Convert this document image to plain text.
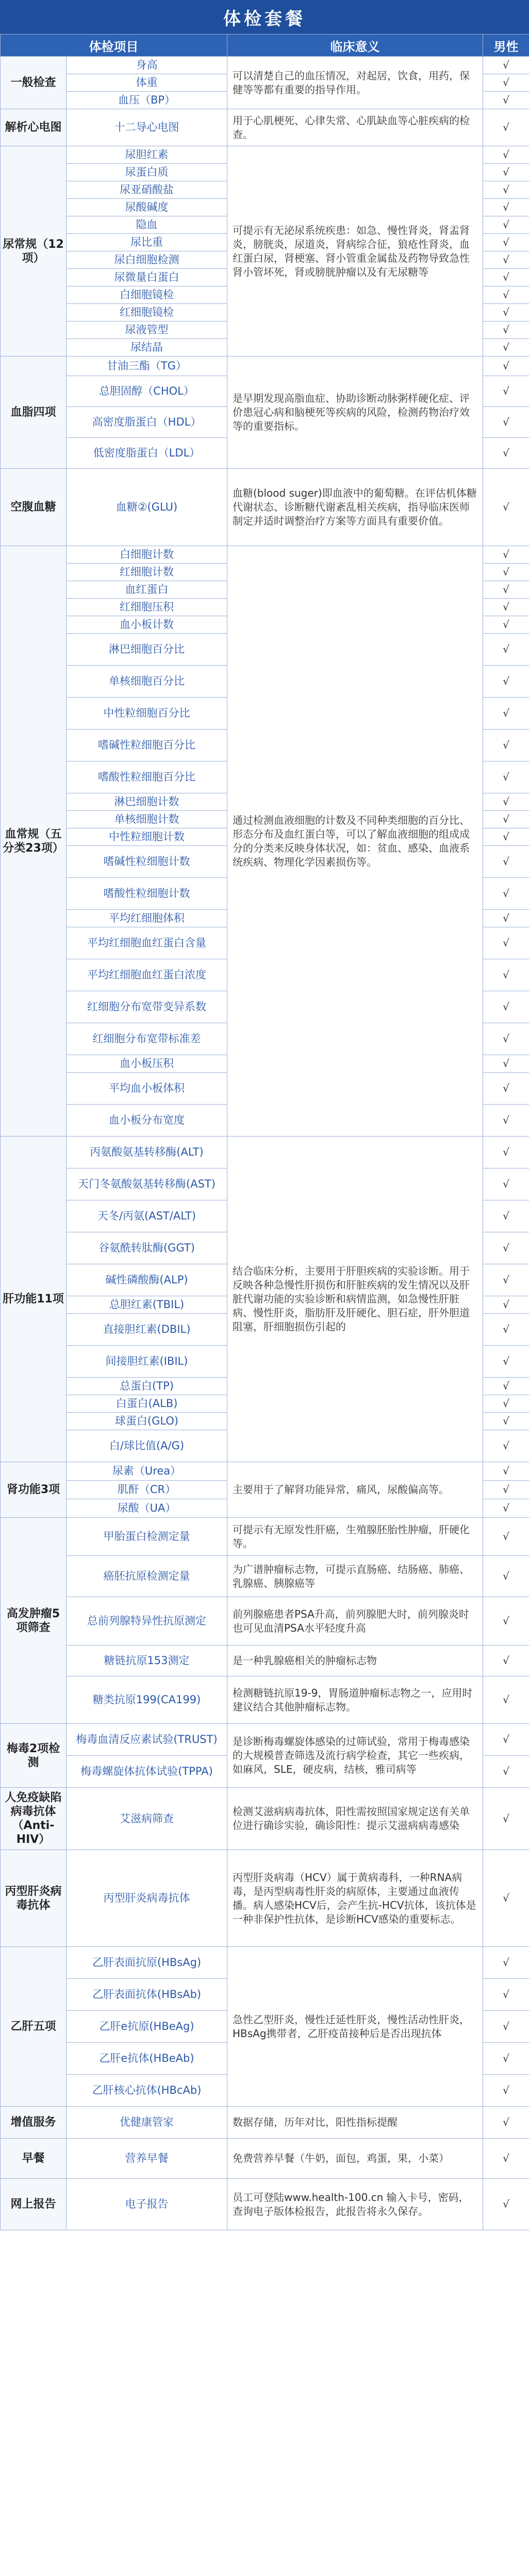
体检套餐
体检项目		临床意义	男性
一般检查	身高	可以清楚自己的血压情况，对起居，饮食，用药，保健等等都有重要的指导作用。	√
	体重		√
	血压（BP）		√
解析心电图	十二导心电图	用于心肌梗死、心律失常、心肌缺血等心脏疾病的检查。	√
尿常规（12项）	尿胆红素	可提示有无泌尿系统疾患：如急、慢性肾炎，肾盂肾炎，膀胱炎，尿道炎，肾病综合征，狼疮性肾炎，血红蛋白尿，肾梗塞、肾小管重金属盐及药物导致急性肾小管坏死，肾或膀胱肿瘤以及有无尿糖等	√
	尿蛋白质		√
	尿亚硝酸盐		√
	尿酸碱度		√
	隐血		√
	尿比重		√
	尿白细胞检测		√
	尿微量白蛋白		√
	白细胞镜检		√
	红细胞镜检		√
	尿液管型		√
	尿结晶		√
血脂四项	甘油三酯（TG）	是早期发现高脂血症、协助诊断动脉粥样硬化症、评价患冠心病和脑梗死等疾病的风险，检测药物治疗效等的重要指标。	√
	总胆固醇（CHOL）		√
	高密度脂蛋白（HDL）		√
	低密度脂蛋白（LDL）		√
空腹血糖	血糖②(GLU)	血糖(blood suger)即血液中的葡萄糖。在评估机体糖代谢状态、诊断糖代谢紊乱相关疾病，指导临床医师制定并适时调整治疗方案等方面具有重要价值。	√
血常规（五分类23项）	白细胞计数	通过检测血液细胞的计数及不同种类细胞的百分比、形态分布及血红蛋白等，可以了解血液细胞的组成成分的分类来反映身体状况，如：贫血、感染、血液系统疾病、物理化学因素损伤等。	√
	红细胞计数		√
	血红蛋白		√
	红细胞压积		√
	血小板计数		√
	淋巴细胞百分比		√
	单核细胞百分比		√
	中性粒细胞百分比		√
	嗜碱性粒细胞百分比		√
	嗜酸性粒细胞百分比		√
	淋巴细胞计数		√
	单核细胞计数		√
	中性粒细胞计数		√
	嗜碱性粒细胞计数		√
	嗜酸性粒细胞计数		√
	平均红细胞体积		√
	平均红细胞血红蛋白含量		√
	平均红细胞血红蛋白浓度		√
	红细胞分布宽带变异系数		√
	红细胞分布宽带标准差		√
	血小板压积		√
	平均血小板体积		√
	血小板分布宽度		√
肝功能11项	丙氨酸氨基转移酶(ALT)	结合临床分析，主要用于肝胆疾病的实验诊断。用于反映各种急慢性肝损伤和肝脏疾病的发生情况以及肝脏代谢功能的实验诊断和病情监测，如急慢性肝脏病、慢性肝炎，脂肪肝及肝硬化、胆石症，肝外胆道阻塞，肝细胞损伤引起的	√
	天门冬氨酸氨基转移酶(AST)		√
	天冬/丙氨(AST/ALT)		√
	谷氨酰转肽酶(GGT)		√
	碱性磷酸酶(ALP)		√
	总胆红素(TBIL)		√
	直接胆红素(DBIL)		√
	间接胆红素(IBIL)		√
	总蛋白(TP)		√
	白蛋白(ALB)		√
	球蛋白(GLO)		√
	白/球比值(A/G)		√
肾功能3项	尿素（Urea）	主要用于了解肾功能异常，痛风，尿酸偏高等。	√
	肌酐（CR）		√
	尿酸（UA）		√
高发肿瘤5项筛查	甲胎蛋白检测定量	可提示有无原发性肝癌，生殖腺胚胎性肿瘤，肝硬化等。	√
	癌胚抗原检测定量	为广谱肿瘤标志物，可提示直肠癌、结肠癌、肺癌、乳腺癌、胰腺癌等	√
	总前列腺特异性抗原测定	前列腺癌患者PSA升高，前列腺肥大时，前列腺炎时也可见血清PSA水平轻度升高	√
	糖链抗原153测定	是一种乳腺癌相关的肿瘤标志物	√
	糖类抗原199(CA199)	检测糖链抗原19-9，胃肠道肿瘤标志物之一，应用时建议结合其他肿瘤标志物。	√
梅毒2项检测	梅毒血清反应素试验(TRUST)	是诊断梅毒螺旋体感染的过筛试验，常用于梅毒感染的大规模普查筛选及流行病学检查，其它一些疾病，如麻风，SLE，硬皮病，结核，雅司病等	√
	梅毒螺旋体抗体试验(TPPA)		√
人免疫缺陷病毒抗体（Anti-HIV）	艾滋病筛查	检测艾滋病病毒抗体，阳性需按照国家规定送有关单位进行确诊实验，确诊阳性：提示艾滋病病毒感染	√
丙型肝炎病毒抗体	丙型肝炎病毒抗体	丙型肝炎病毒（HCV）属于黄病毒科，一种RNA病毒，是丙型病毒性肝炎的病原体，主要通过血液传播。病人感染HCV后，会产生抗-HCV抗体，该抗体是一种非保护性抗体，是诊断HCV感染的重要标志。	√
乙肝五项	乙肝表面抗原(HBsAg)	急性乙型肝炎，慢性迁延性肝炎，慢性活动性肝炎，HBsAg携带者，乙肝疫苗接种后是否出现抗体	√
	乙肝表面抗体(HBsAb)		√
	乙肝e抗原(HBeAg)		√
	乙肝e抗体(HBeAb)		√
	乙肝核心抗体(HBcAb)		√
增值服务	优健康管家	数据存储，历年对比，阳性指标提醒	√
早餐	营养早餐	免费营养早餐（牛奶，面包，鸡蛋，果，小菜）	√
网上报告	电子报告	员工可登陆www.health-100.cn 输入卡号，密码，查询电子版体检报告，此报告将永久保存。	√
